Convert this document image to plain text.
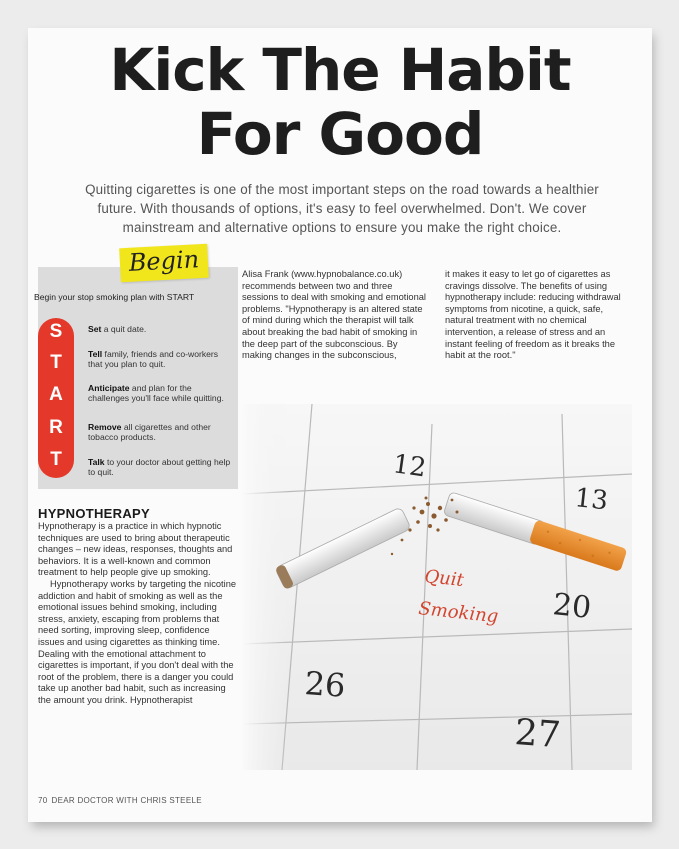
Kick The Habit
For Good

Quitting cigarettes is one of the most important steps on the road towards a healthier future. With thousands of options, it's easy to feel overwhelmed. Don't. We cover mainstream and alternative options to ensure you make the right choice.

Begin

Begin your stop smoking plan with START

S
T
A
R
T

Set a quit date.

Tell family, friends and co-workers that you plan to quit.

Anticipate and plan for the challenges you'll face while quitting.

Remove all cigarettes and other tobacco products.

Talk to your doctor about getting help to quit.

HYPNOTHERAPY

Hypnotherapy is a practice in which hypnotic techniques are used to bring about therapeutic changes – new ideas, responses, thoughts and behaviors. It is a well-known and common treatment to help people give up smoking.

Hypnotherapy works by targeting the nicotine addiction and habit of smoking as well as the emotional issues behind smoking, including stress, anxiety, escaping from problems that need sorting, improving sleep, confidence issues and using cigarettes as thinking time. Dealing with the emotional attachment to cigarettes is important, if you don't deal with the root of the problem, there is a danger you could take up another bad habit, such as increasing the amount you drink. Hypnotherapist

Alisa Frank (www.hypnobalance.co.uk) recommends between two and three sessions to deal with smoking and emotional problems. "Hypnotherapy is an altered state of mind during which the therapist will talk about breaking the bad habit of smoking in the deep part of the subconscious. By making changes in the subconscious,

it makes it easy to let go of cigarettes as cravings dissolve. The benefits of using hypnotherapy include: reducing withdrawal symptoms from nicotine, a quick, safe, natural treatment with no chemical intervention, a release of stress and an instant feeling of freedom as it breaks the habit at the root."

12
13
20
26
27
Quit
Smoking

70 DEAR DOCTOR WITH CHRIS STEELE
